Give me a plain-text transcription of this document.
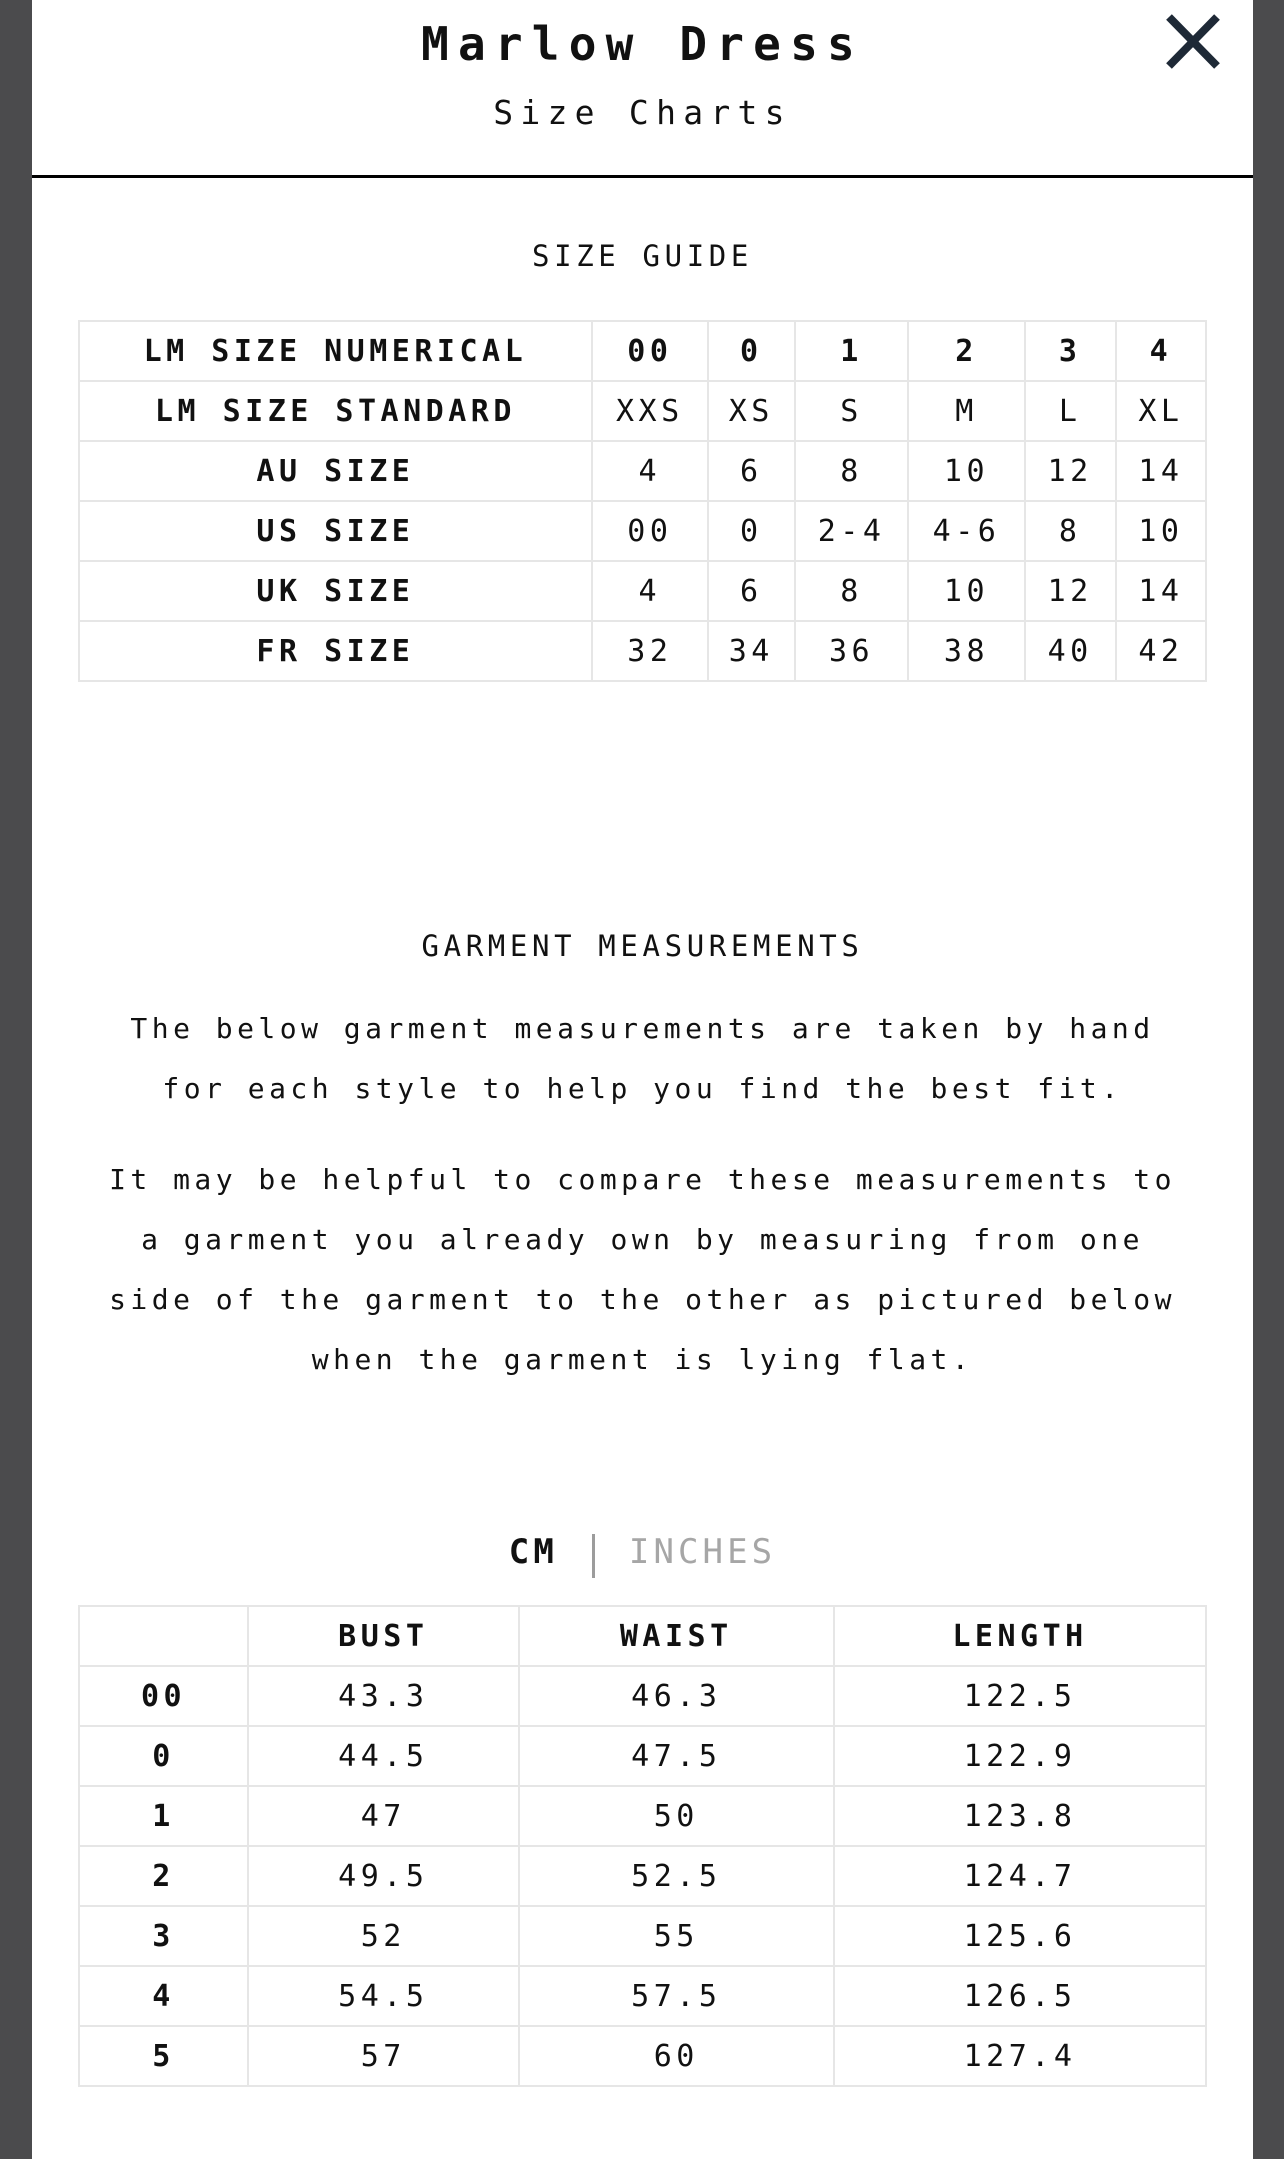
Marlow Dress
Size Charts
SIZE GUIDE
LM SIZE NUMERICAL	00	0	1	2	3	4
LM SIZE STANDARD	XXS	XS	S	M	L	XL
AU SIZE	4	6	8	10	12	14
US SIZE	00	0	2-4	4-6	8	10
UK SIZE	4	6	8	10	12	14
FR SIZE	32	34	36	38	40	42
GARMENT MEASUREMENTS

The below garment measurements are taken by hand for each style to help you find the best fit.

It may be helpful to compare these measurements to a garment you already own by measuring from one side of the garment to the other as pictured below when the garment is lying flat.

CM INCHES
	BUST	WAIST	LENGTH
00	43.3	46.3	122.5
0	44.5	47.5	122.9
1	47	50	123.8
2	49.5	52.5	124.7
3	52	55	125.6
4	54.5	57.5	126.5
5	57	60	127.4
